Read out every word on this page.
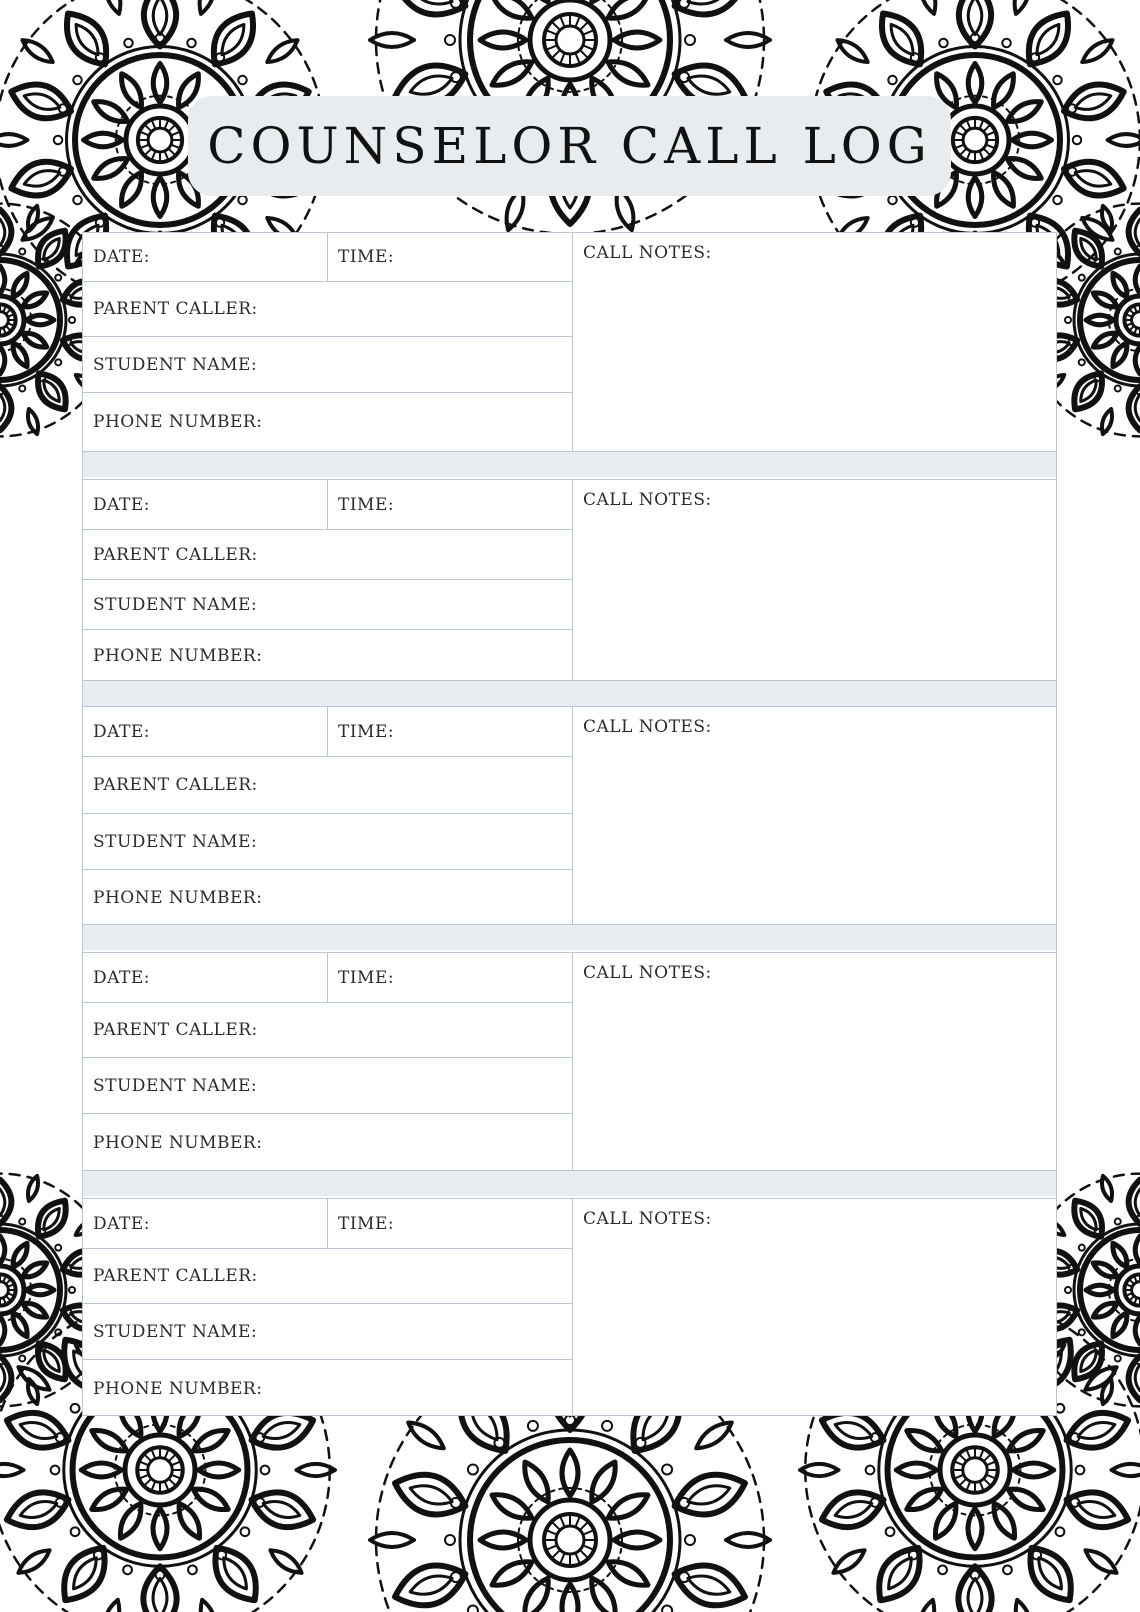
COUNSELOR CALL LOG
DATE:	TIME:
PARENT CALLER:
STUDENT NAME:
PHONE NUMBER:
CALL NOTES:
DATE:	TIME:
PARENT CALLER:
STUDENT NAME:
PHONE NUMBER:
CALL NOTES:
DATE:	TIME:
PARENT CALLER:
STUDENT NAME:
PHONE NUMBER:
CALL NOTES:
DATE:	TIME:
PARENT CALLER:
STUDENT NAME:
PHONE NUMBER:
CALL NOTES:
DATE:	TIME:
PARENT CALLER:
STUDENT NAME:
PHONE NUMBER:
CALL NOTES:
